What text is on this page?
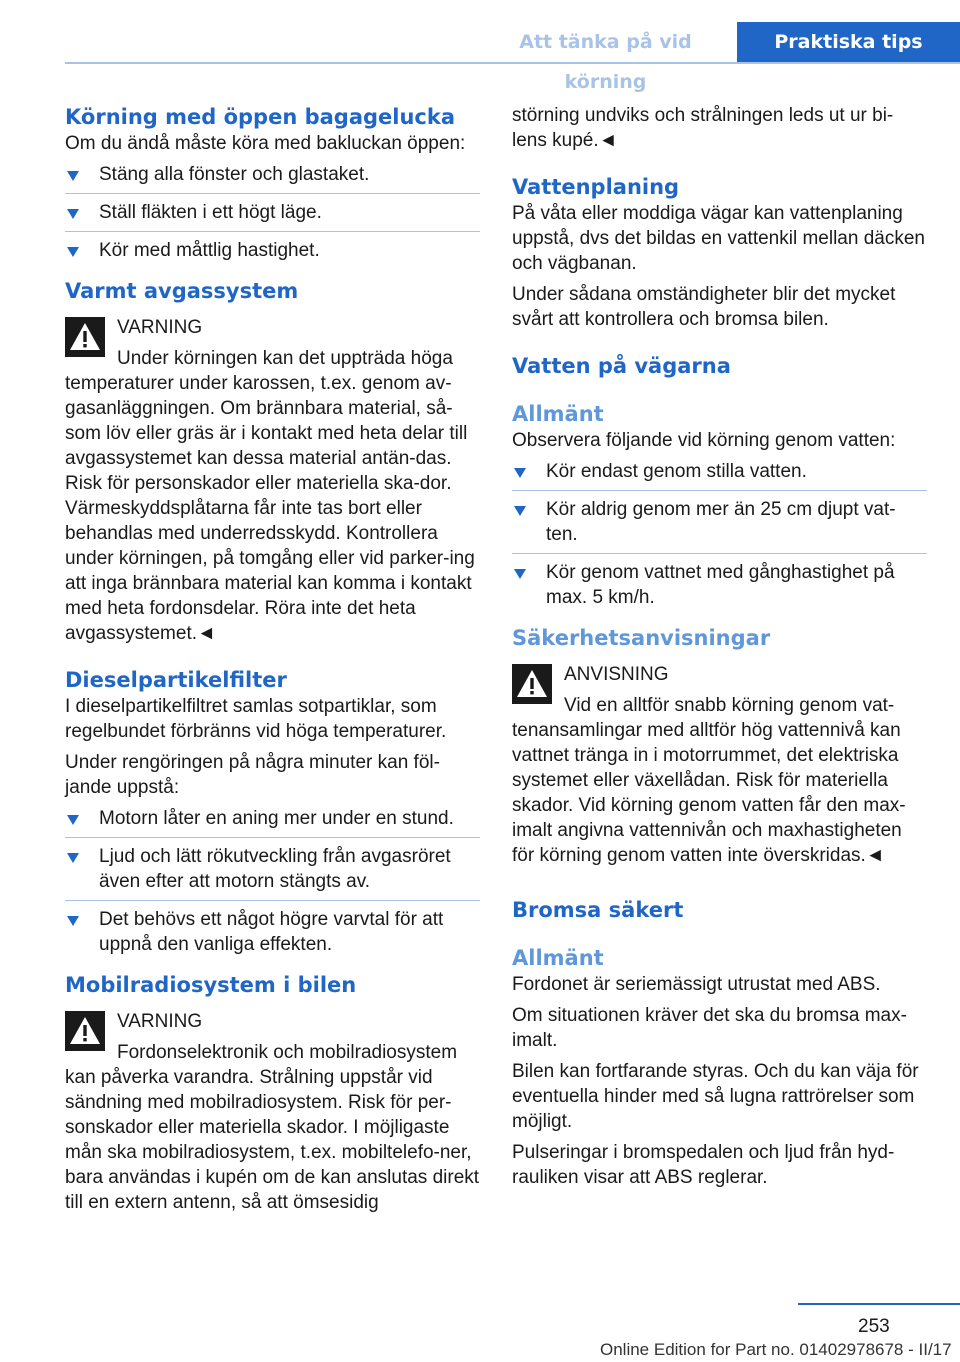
Att tänka på vid körning
Praktiska tips
Körning med öppen bagagelucka

Om du ändå måste köra med bakluckan öppen:

Stäng alla fönster och glastaket.
Ställ fläkten i ett högt läge.
Kör med måttlig hastighet.
Varmt avgassystem

VARNING

Under körningen kan det uppträda höga

temperaturer under karossen, t.ex. genom av-gasanläggningen. Om brännbara material, så-som löv eller gräs är i kontakt med heta delar till avgassystemet kan dessa material antän-das. Risk för personskador eller materiella ska-dor. Värmeskyddsplåtarna får inte tas bort eller behandlas med underredsskydd. Kontrollera under körningen, på tomgång eller vid parker-ing att inga brännbara material kan komma i kontakt med heta fordonsdelar. Röra inte det heta avgassystemet.◄

Dieselpartikelfilter

I dieselpartikelfiltret samlas sotpartiklar, som regelbundet förbränns vid höga temperaturer.

Under rengöringen på några minuter kan föl-jande uppstå:

Motorn låter en aning mer under en stund.
Ljud och lätt rökutveckling från avgasröret även efter att motorn stängts av.
Det behövs ett något högre varvtal för att uppnå den vanliga effekten.
Mobilradiosystem i bilen

VARNING

Fordonselektronik och mobilradiosystem

kan påverka varandra. Strålning uppstår vid sändning med mobilradiosystem. Risk för per-sonskador eller materiella skador. I möjligaste mån ska mobilradiosystem, t.ex. mobiltelefo-ner, bara användas i kupén om de kan anslutas direkt till en extern antenn, så att ömsesidig

störning undviks och strålningen leds ut ur bi-lens kupé.◄

Vattenplaning

På våta eller moddiga vägar kan vattenplaning uppstå, dvs det bildas en vattenkil mellan däcken och vägbanan.

Under sådana omständigheter blir det mycket svårt att kontrollera och bromsa bilen.

Vatten på vägarna
Allmänt

Observera följande vid körning genom vatten:

Kör endast genom stilla vatten.
Kör aldrig genom mer än 25 cm djupt vat-ten.
Kör genom vattnet med gånghastighet på max. 5 km/h.
Säkerhetsanvisningar

ANVISNING

Vid en alltför snabb körning genom vat-

tenansamlingar med alltför hög vattennivå kan vattnet tränga in i motorrummet, det elektriska systemet eller växellådan. Risk för materiella skador. Vid körning genom vatten får den max-imalt angivna vattennivån och maxhastigheten för körning genom vatten inte överskridas.◄

Bromsa säkert
Allmänt

Fordonet är seriemässigt utrustat med ABS.

Om situationen kräver det ska du bromsa max-imalt.

Bilen kan fortfarande styras. Och du kan väja för eventuella hinder med så lugna rattrörelser som möjligt.

Pulseringar i bromspedalen och ljud från hyd-rauliken visar att ABS reglerar.

253
Online Edition for Part no. 01402978678 - II/17
